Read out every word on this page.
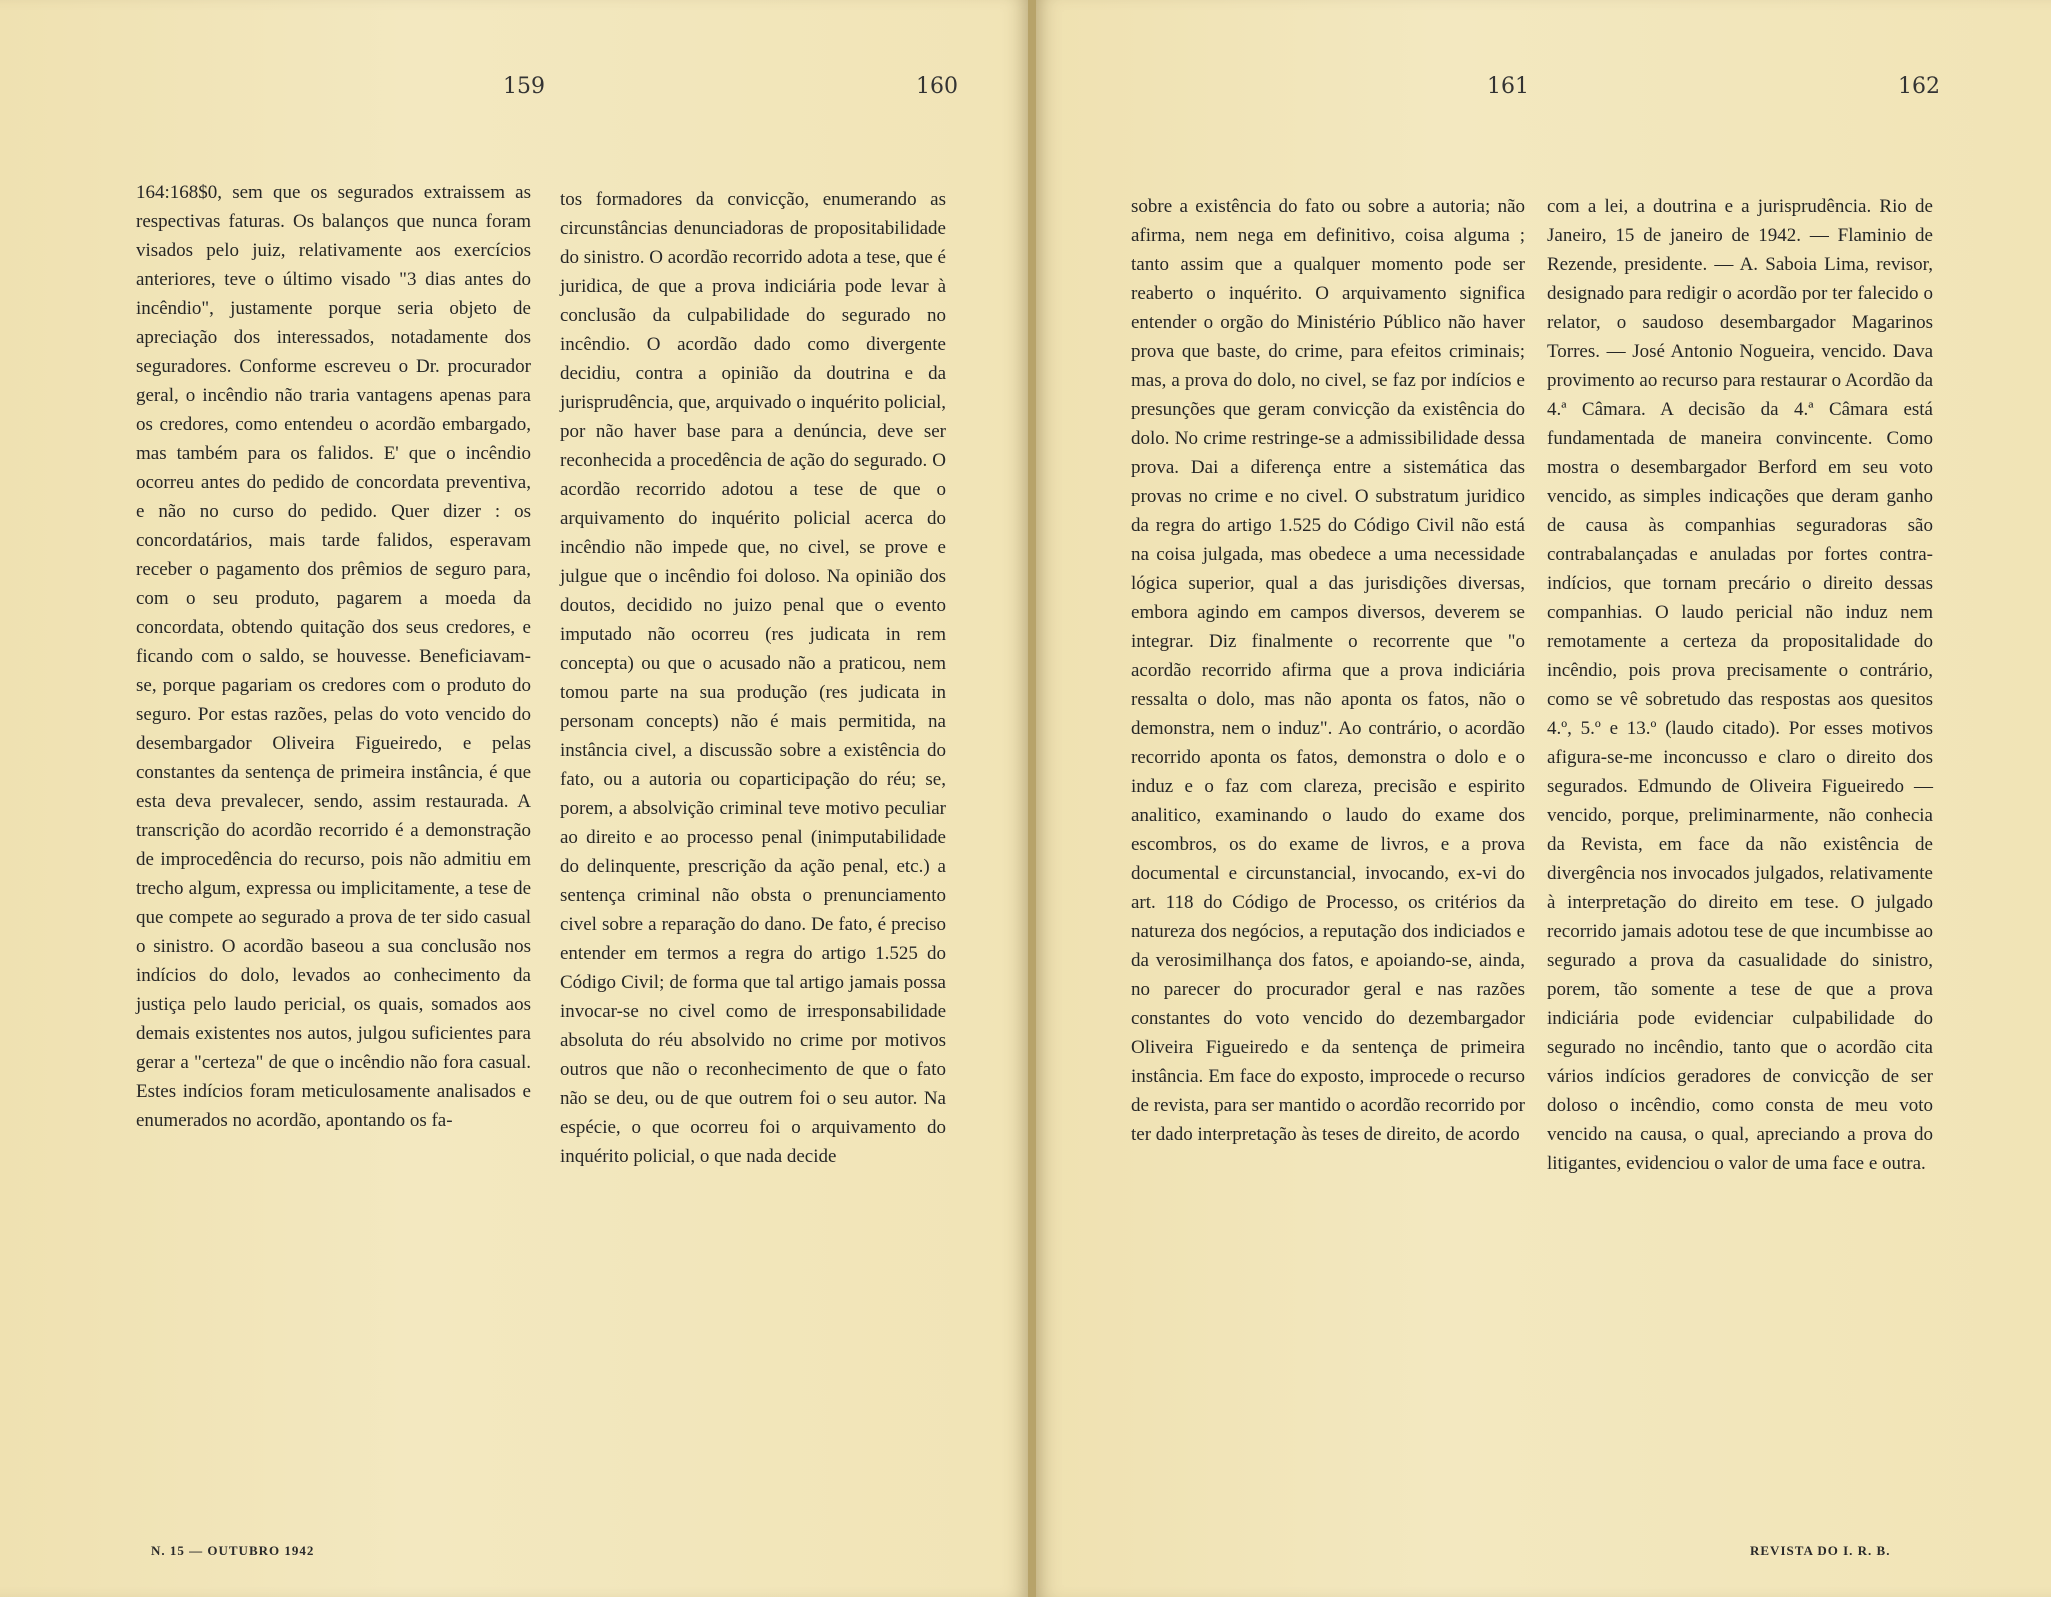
159	160	161	162
164:168$0, sem que os segurados extraissem as respectivas faturas. Os balanços que nunca foram visados pelo juiz, relativamente aos exercícios anteriores, teve o último visado "3 dias antes do incêndio", justamente porque seria objeto de apreciação dos interessados, notadamente dos seguradores. Conforme escreveu o Dr. procurador geral, o incêndio não traria vantagens apenas para os credores, como entendeu o acordão embargado, mas também para os falidos. E' que o incêndio ocorreu antes do pedido de concordata preventiva, e não no curso do pedido. Quer dizer : os concordatários, mais tarde falidos, esperavam receber o pagamento dos prêmios de seguro para, com o seu produto, pagarem a moeda da concordata, obtendo quitação dos seus credores, e ficando com o saldo, se houvesse. Beneficiavam-se, porque pagariam os credores com o produto do seguro. Por estas razões, pelas do voto vencido do desembargador Oliveira Figueiredo, e pelas constantes da sentença de primeira instância, é que esta deva prevalecer, sendo, assim restaurada. A transcrição do acordão recorrido é a demonstração de improcedência do recurso, pois não admitiu em trecho algum, expressa ou implicitamente, a tese de que compete ao segurado a prova de ter sido casual o sinistro. O acordão baseou a sua conclusão nos indícios do dolo, levados ao conhecimento da justiça pelo laudo pericial, os quais, somados aos demais existentes nos autos, julgou suficientes para gerar a "certeza" de que o incêndio não fora casual. Estes indícios foram meticulosamente analisados e enumerados no acordão, apontando os fa-
tos formadores da convicção, enumerando as circunstâncias denunciadoras de propositabilidade do sinistro. O acordão recorrido adota a tese, que é juridica, de que a prova indiciária pode levar à conclusão da culpabilidade do segurado no incêndio. O acordão dado como divergente decidiu, contra a opinião da doutrina e da jurisprudência, que, arquivado o inquérito policial, por não haver base para a denúncia, deve ser reconhecida a procedência de ação do segurado. O acordão recorrido adotou a tese de que o arquivamento do inquérito policial acerca do incêndio não impede que, no civel, se prove e julgue que o incêndio foi doloso. Na opinião dos doutos, decidido no juizo penal que o evento imputado não ocorreu (res judicata in rem concepta) ou que o acusado não a praticou, nem tomou parte na sua produção (res judicata in personam concepts) não é mais permitida, na instância civel, a discussão sobre a existência do fato, ou a autoria ou coparticipação do réu; se, porem, a absolvição criminal teve motivo peculiar ao direito e ao processo penal (inimputabilidade do delinquente, prescrição da ação penal, etc.) a sentença criminal não obsta o prenunciamento civel sobre a reparação do dano. De fato, é preciso entender em termos a regra do artigo 1.525 do Código Civil; de forma que tal artigo jamais possa invocar-se no civel como de irresponsabilidade absoluta do réu absolvido no crime por motivos outros que não o reconhecimento de que o fato não se deu, ou de que outrem foi o seu autor. Na espécie, o que ocorreu foi o arquivamento do inquérito policial, o que nada decide
sobre a existência do fato ou sobre a autoria; não afirma, nem nega em definitivo, coisa alguma ; tanto assim que a qualquer momento pode ser reaberto o inquérito. O arquivamento significa entender o orgão do Ministério Público não haver prova que baste, do crime, para efeitos criminais; mas, a prova do dolo, no civel, se faz por indícios e presunções que geram convicção da existência do dolo. No crime restringe-se a admissibilidade dessa prova. Dai a diferença entre a sistemática das provas no crime e no civel. O substratum juridico da regra do artigo 1.525 do Código Civil não está na coisa julgada, mas obedece a uma necessidade lógica superior, qual a das jurisdições diversas, embora agindo em campos diversos, deverem se integrar. Diz finalmente o recorrente que "o acordão recorrido afirma que a prova indiciária ressalta o dolo, mas não aponta os fatos, não o demonstra, nem o induz". Ao contrário, o acordão recorrido aponta os fatos, demonstra o dolo e o induz e o faz com clareza, precisão e espirito analitico, examinando o laudo do exame dos escombros, os do exame de livros, e a prova documental e circunstancial, invocando, ex-vi do art. 118 do Código de Processo, os critérios da natureza dos negócios, a reputação dos indiciados e da verosimilhança dos fatos, e apoiando-se, ainda, no parecer do procurador geral e nas razões constantes do voto vencido do dezembargador Oliveira Figueiredo e da sentença de primeira instância. Em face do exposto, improcede o recurso de revista, para ser mantido o acordão recorrido por ter dado interpretação às teses de direito, de acordo
com a lei, a doutrina e a jurisprudência. Rio de Janeiro, 15 de janeiro de 1942. — Flaminio de Rezende, presidente. — A. Saboia Lima, revisor, designado para redigir o acordão por ter falecido o relator, o saudoso desembargador Magarinos Torres. — José Antonio Nogueira, vencido. Dava provimento ao recurso para restaurar o Acordão da 4.ª Câmara. A decisão da 4.ª Câmara está fundamentada de maneira convincente. Como mostra o desembargador Berford em seu voto vencido, as simples indicações que deram ganho de causa às companhias seguradoras são contrabalançadas e anuladas por fortes contra-indícios, que tornam precário o direito dessas companhias. O laudo pericial não induz nem remotamente a certeza da propositalidade do incêndio, pois prova precisamente o contrário, como se vê sobretudo das respostas aos quesitos 4.º, 5.º e 13.º (laudo citado). Por esses motivos afigura-se-me inconcusso e claro o direito dos segurados. Edmundo de Oliveira Figueiredo — vencido, porque, preliminarmente, não conhecia da Revista, em face da não existência de divergência nos invocados julgados, relativamente à interpretação do direito em tese. O julgado recorrido jamais adotou tese de que incumbisse ao segurado a prova da casualidade do sinistro, porem, tão somente a tese de que a prova indiciária pode evidenciar culpabilidade do segurado no incêndio, tanto que o acordão cita vários indícios geradores de convicção de ser doloso o incêndio, como consta de meu voto vencido na causa, o qual, apreciando a prova do litigantes, evidenciou o valor de uma face e outra.
N. 15 — OUTUBRO 1942	REVISTA DO I. R. B.
